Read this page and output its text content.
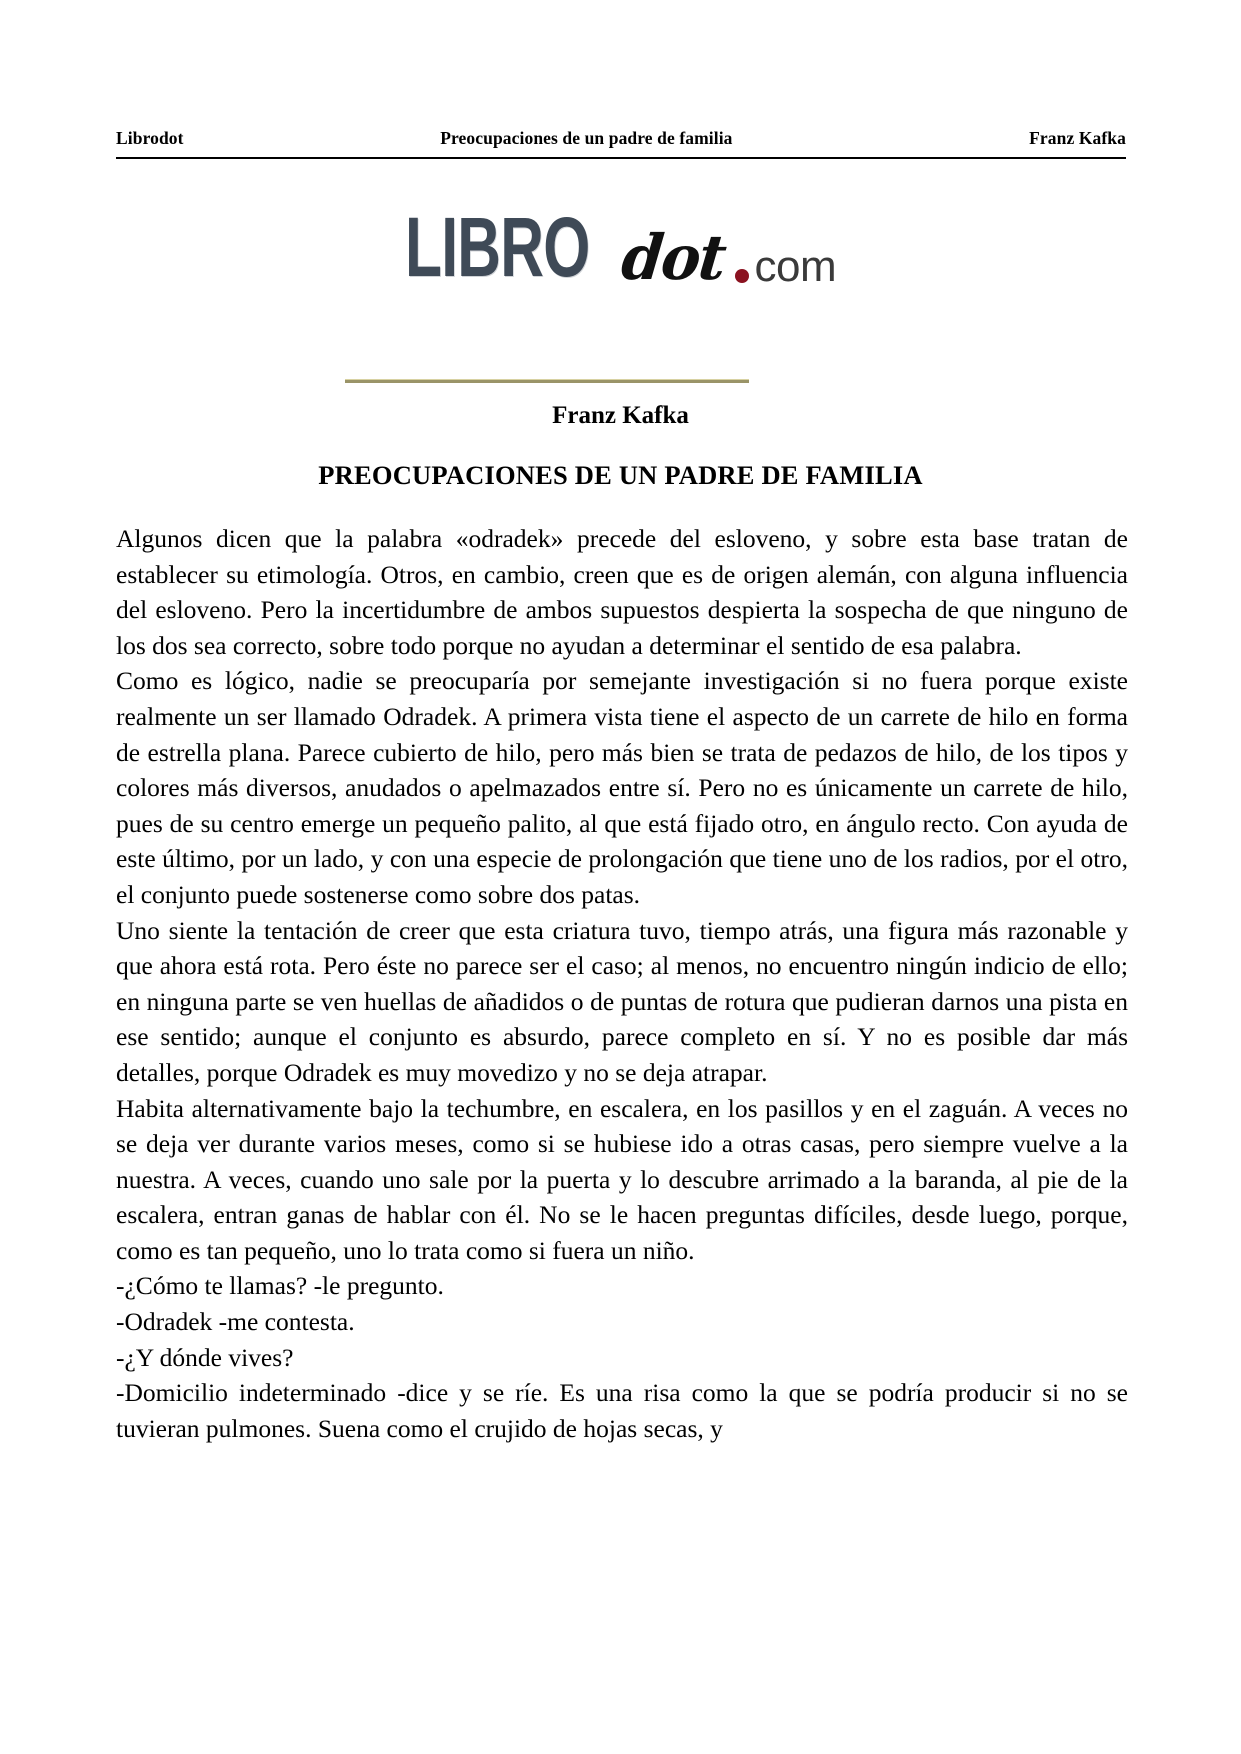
Librodot	Preocupaciones de un padre de familia	Franz Kafka
LIBRO dot com
Franz Kafka
PREOCUPACIONES DE UN PADRE DE FAMILIA

Algunos dicen que la palabra «odradek» precede del esloveno, y sobre esta base tratan de establecer su etimología. Otros, en cambio, creen que es de origen alemán, con alguna influencia del esloveno. Pero la incertidumbre de ambos supuestos despierta la sospecha de que ninguno de los dos sea correcto, sobre todo porque no ayudan a determinar el sentido de esa palabra.

Como es lógico, nadie se preocuparía por semejante investigación si no fuera porque existe realmente un ser llamado Odradek. A primera vista tiene el aspecto de un carrete de hilo en forma de estrella plana. Parece cubierto de hilo, pero más bien se trata de pedazos de hilo, de los tipos y colores más diversos, anudados o apelmazados entre sí. Pero no es únicamente un carrete de hilo, pues de su centro emerge un pequeño palito, al que está fijado otro, en ángulo recto. Con ayuda de este último, por un lado, y con una especie de prolongación que tiene uno de los radios, por el otro, el conjunto puede sostenerse como sobre dos patas.

Uno siente la tentación de creer que esta criatura tuvo, tiempo atrás, una figura más razonable y que ahora está rota. Pero éste no parece ser el caso; al menos, no encuentro ningún indicio de ello; en ninguna parte se ven huellas de añadidos o de puntas de rotura que pudieran darnos una pista en ese sentido; aunque el conjunto es absurdo, parece completo en sí. Y no es posible dar más detalles, porque Odradek es muy movedizo y no se deja atrapar.

Habita alternativamente bajo la techumbre, en escalera, en los pasillos y en el zaguán. A veces no se deja ver durante varios meses, como si se hubiese ido a otras casas, pero siempre vuelve a la nuestra. A veces, cuando uno sale por la puerta y lo descubre arrimado a la baranda, al pie de la escalera, entran ganas de hablar con él. No se le hacen preguntas difíciles, desde luego, porque, como es tan pequeño, uno lo trata como si fuera un niño.

-¿Cómo te llamas? -le pregunto.

-Odradek -me contesta.

-¿Y dónde vives?

-Domicilio indeterminado -dice y se ríe. Es una risa como la que se podría producir si no se tuvieran pulmones. Suena como el crujido de hojas secas, y
